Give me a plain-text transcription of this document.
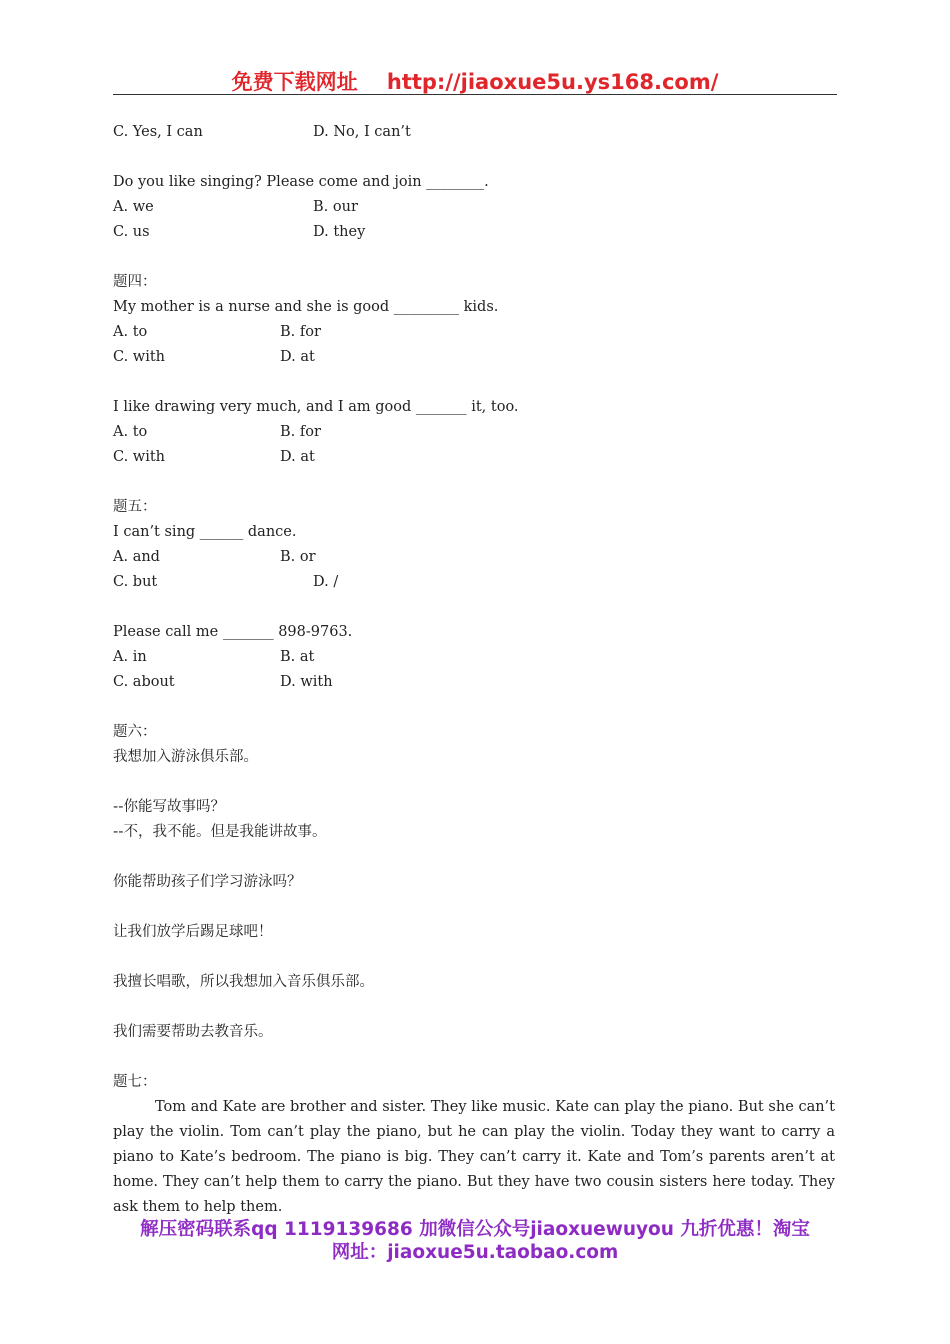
免费下载网址    http://jiaoxue5u.ys168.com/
C. Yes, I can	D. No, I can’t
Do you like singing? Please come and join ________.
A. we	B. our
C. us	D. they
题四：
My mother is a nurse and she is good _________ kids.
A. to	B. for
C. with	D. at
I like drawing very much, and I am good _______ it, too.
A. to	B. for
C. with	D. at
题五：
I can’t sing ______ dance.
A. and	B. or
C. but	D. /
Please call me _______ 898-9763.
A. in	B. at
C. about	D. with
题六：
我想加入游泳俱乐部。
--你能写故事吗？
--不，我不能。但是我能讲故事。
你能帮助孩子们学习游泳吗？
让我们放学后踢足球吧！
我擅长唱歌，所以我想加入音乐俱乐部。
我们需要帮助去教音乐。
题七：
Tom and Kate are brother and sister. They like music. Kate can play the piano. But she can’t play the violin. Tom can’t play the piano, but he can play the violin. Today they want to carry a piano to Kate’s bedroom. The piano is big. They can’t carry it. Kate and Tom’s parents aren’t at home. They can’t help them to carry the piano. But they have two cousin sisters here today. They ask them to help them.
解压密码联系qq 1119139686 加微信公众号jiaoxuewuyou 九折优惠！淘宝
网址：jiaoxue5u.taobao.com
